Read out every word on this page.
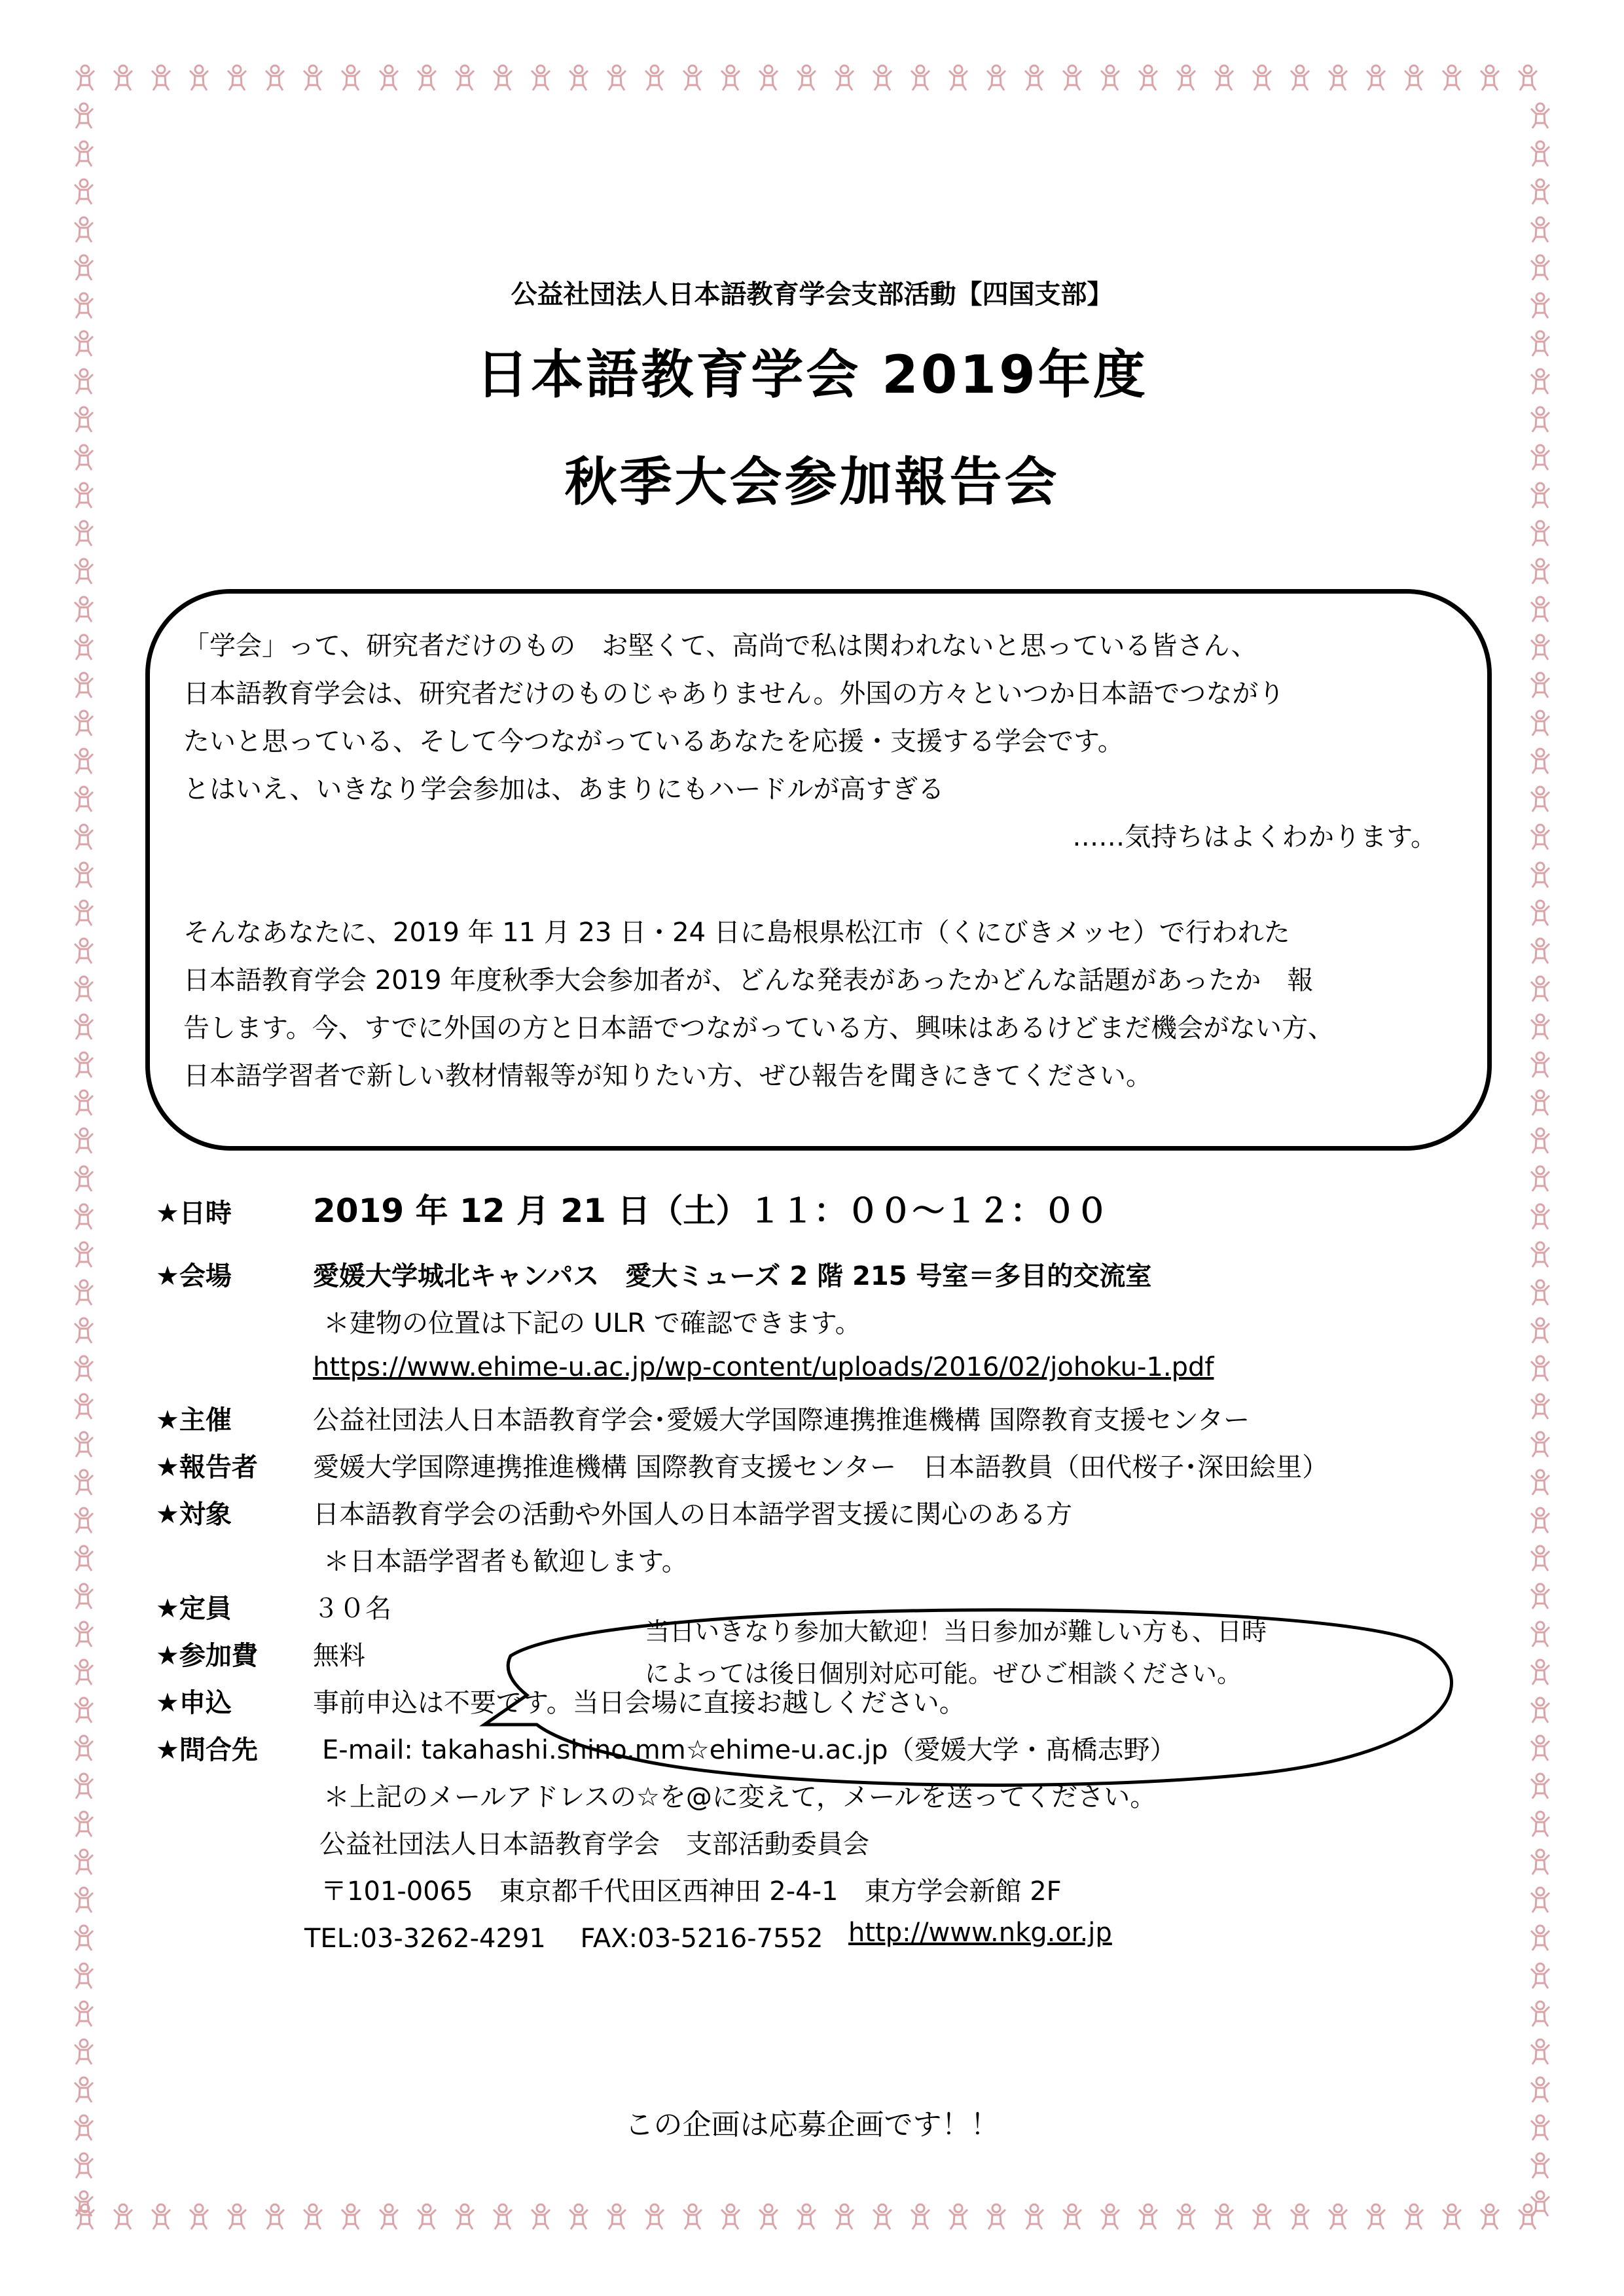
公益社団法人日本語教育学会支部活動【四国支部】
日本語教育学会 2019年度
秋季大会参加報告会
「学会」って、研究者だけのもの　お堅くて、高尚で私は関われないと思っている皆さん、
日本語教育学会は、研究者だけのものじゃありません。外国の方々といつか日本語でつながり
たいと思っている、そして今つながっているあなたを応援・支援する学会です。
とはいえ、いきなり学会参加は、あまりにもハードルが高すぎる
……気持ちはよくわかります。
そんなあなたに、2019 年 11 月 23 日・24 日に島根県松江市（くにびきメッセ）で行われた
日本語教育学会 2019 年度秋季大会参加者が、どんな発表があったかどんな話題があったか　報
告します。今、すでに外国の方と日本語でつながっている方、興味はあるけどまだ機会がない方、
日本語学習者で新しい教材情報等が知りたい方、ぜひ報告を聞きにきてください。
★日時 2019 年 12 月 21 日（土）１１：００〜１２：００
★会場	愛媛大学城北キャンパス　愛大ミューズ 2 階 215 号室＝多目的交流室
＊建物の位置は下記の ULR で確認できます。
https://www.ehime-u.ac.jp/wp-content/uploads/2016/02/johoku-1.pdf
★主催	公益社団法人日本語教育学会･愛媛大学国際連携推進機構 国際教育支援センター
★報告者 愛媛大学国際連携推進機構 国際教育支援センター　日本語教員（田代桜子･深田絵里）
★対象	日本語教育学会の活動や外国人の日本語学習支援に関心のある方
＊日本語学習者も歓迎します。
★定員	３０名
★参加費 無料
当日いきなり参加大歓迎！当日参加が難しい方も、日時
によっては後日個別対応可能。ぜひご相談ください。
★申込	事前申込は不要です。当日会場に直接お越しください。
★問合先 E-mail: takahashi.shino.mm☆ehime-u.ac.jp（愛媛大学・髙橋志野）
＊上記のメールアドレスの☆を@に変えて，メールを送ってください。
公益社団法人日本語教育学会　支部活動委員会
〒101-0065　東京都千代田区西神田 2-4-1　東方学会新館 2F
TEL:03-3262-4291　 FAX:03-5216-7552 http://www.nkg.or.jp
この企画は応募企画です！！
